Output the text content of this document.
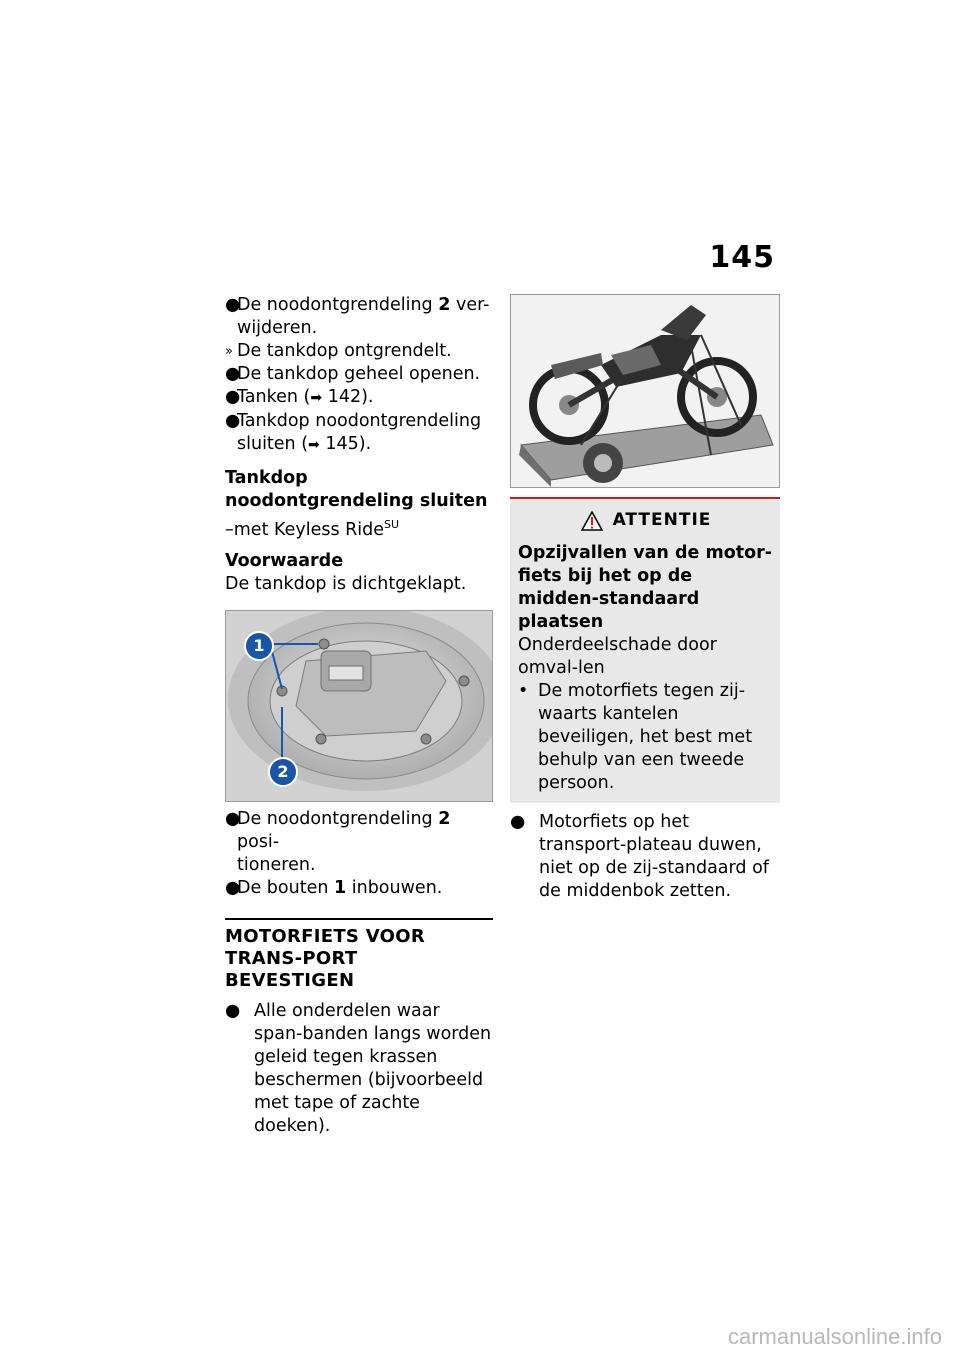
145
●
De noodontgrendeling 2 ver-
wijderen.
» De tankdop ontgrendelt.
●
De tankdop geheel openen.
●
Tanken (➡ 142).
●
Tankdop noodontgrendeling
sluiten (➡ 145).
Tankdop noodontgrendeling sluiten
–met Keyless Ride$^{SU}$
Voorwaarde
De tankdop is dichtgeklapt.
1
2
●
De noodontgrendeling 2 posi-
tioneren.
●
De bouten 1 inbouwen.
MOTORFIETS VOOR TRANS-PORT BEVESTIGEN
● Alle onderdelen waar span-banden langs worden geleid tegen krassen beschermen (bijvoorbeeld met tape of zachte doeken).
ATTENTIE
Opzijvallen van de motor-fiets bij het op de midden-standaard plaatsen
Onderdeelschade door omval-len
• De motorfiets tegen zij-waarts kantelen beveiligen, het best met behulp van een tweede persoon.
● Motorfiets op het transport-plateau duwen, niet op de zij-standaard of de middenbok zetten.
carmanualsonline.info
